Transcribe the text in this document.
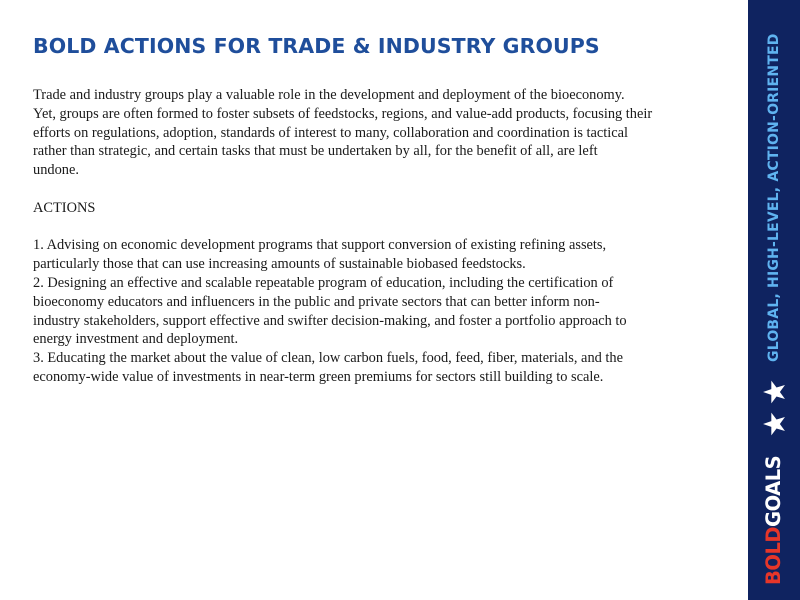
BOLD ACTIONS FOR TRADE & INDUSTRY GROUPS

Trade and industry groups play a valuable role in the development and deployment of the bioeconomy.
Yet, groups are often formed to foster subsets of feedstocks, regions, and value-add products, focusing their
efforts on regulations, adoption, standards of interest to many, collaboration and coordination is tactical
rather than strategic, and certain tasks that must be undertaken by all, for the benefit of all, are left
undone.

ACTIONS

1. Advising on economic development programs that support conversion of existing refining assets,
particularly those that can use increasing amounts of sustainable biobased feedstocks.
2. Designing an effective and scalable repeatable program of education, including the certification of
bioeconomy educators and influencers in the public and private sectors that can better inform non-
industry stakeholders, support effective and swifter decision-making, and foster a portfolio approach to
energy investment and deployment.
3. Educating the market about the value of clean, low carbon fuels, food, feed, fiber, materials, and the
economy-wide value of investments in near-term green premiums for sectors still building to scale.
GLOBAL, HIGH-LEVEL, ACTION-ORIENTED
BOLDGOALS
